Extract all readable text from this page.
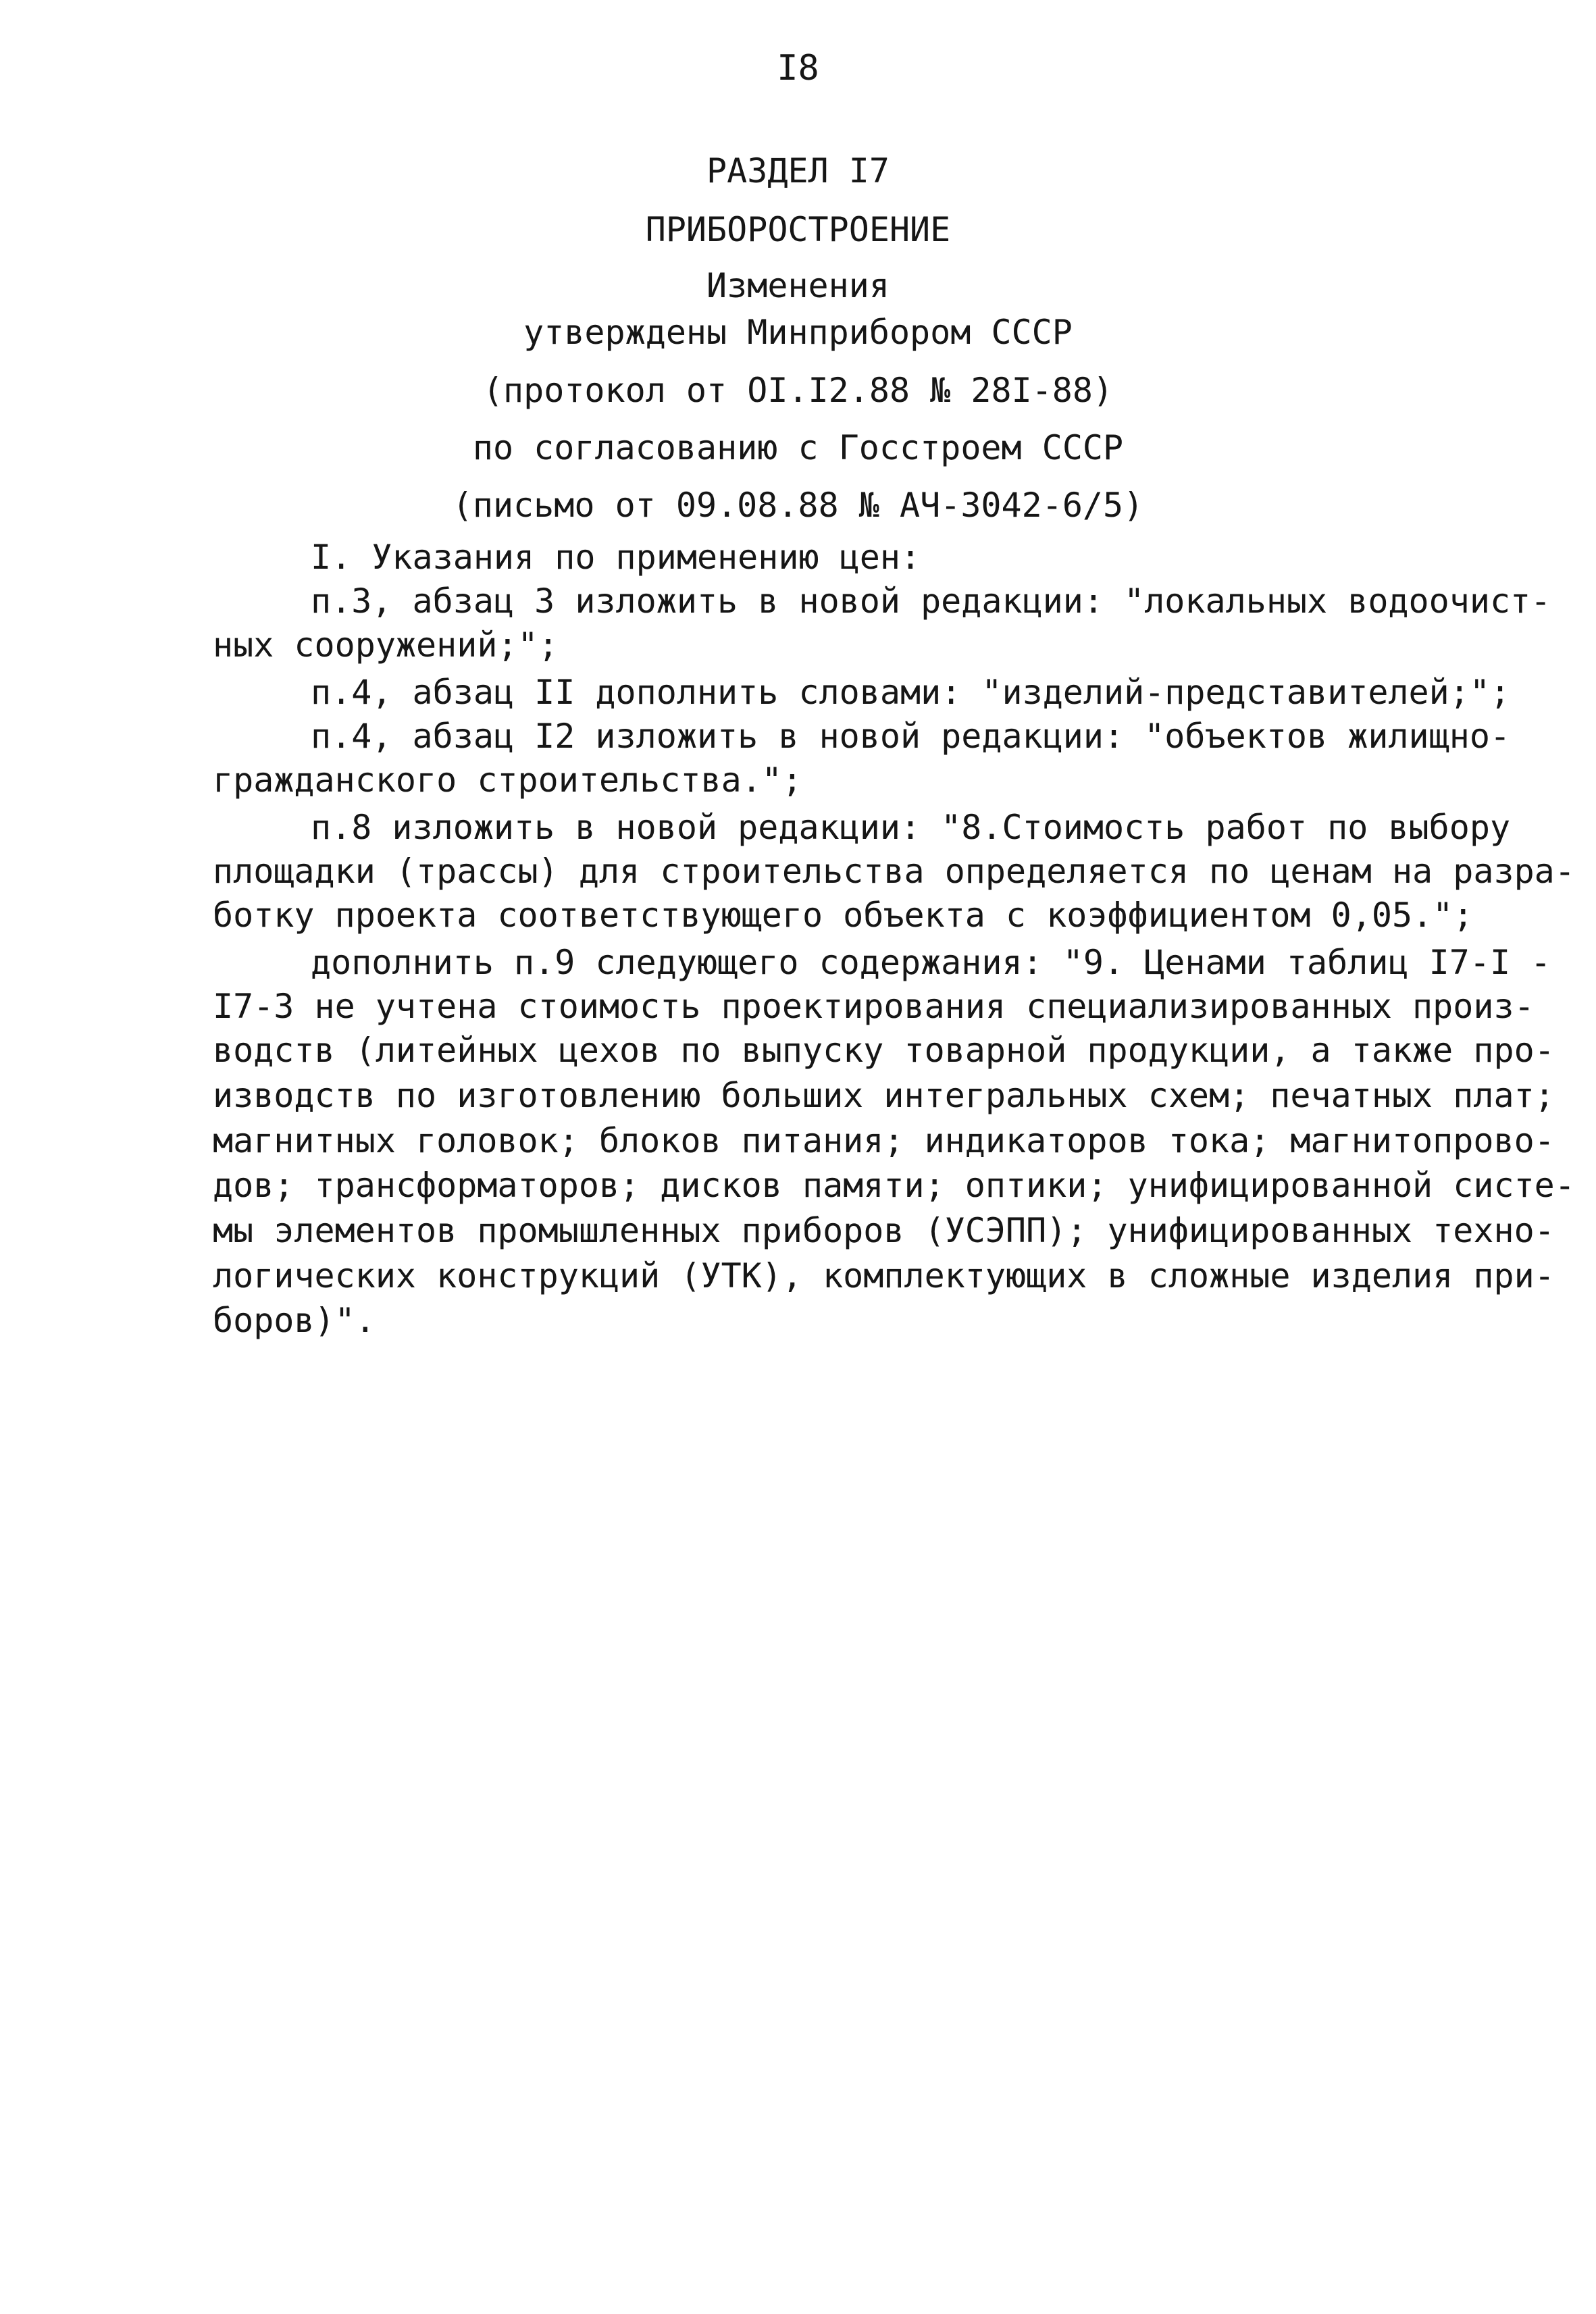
I8
РАЗДЕЛ I7
ПРИБОРОСТРОЕНИЕ
Изменения
утверждены Минприбором СССР
(протокол от OI.I2.88 № 28I-88)
по согласованию с Госстроем СССР
(письмо от 09.08.88 № АЧ-3042-6/5)
I. Указания по применению цен:
п.3, абзац 3 изложить в новой редакции: "локальных водоочист-
ных сооружений;";
п.4, абзац II дополнить словами: "изделий-представителей;";
п.4, абзац I2 изложить в новой редакции: "объектов жилищно-
гражданского строительства.";
п.8 изложить в новой редакции: "8.Стоимость работ по выбору
площадки (трассы) для строительства определяется по ценам на разра-
ботку проекта соответствующего объекта с коэффициентом 0,05.";
дополнить п.9 следующего содержания: "9. Ценами таблиц I7-I -
I7-3 не учтена стоимость проектирования специализированных произ-
водств (литейных цехов по выпуску товарной продукции, а также про-
изводств по изготовлению больших интегральных схем; печатных плат;
магнитных головок; блоков питания; индикаторов тока; магнитопрово-
дов; трансформаторов; дисков памяти; оптики; унифицированной систе-
мы элементов промышленных приборов (УСЭПП); унифицированных техно-
логических конструкций (УТК), комплектующих в сложные изделия при-
боров)".
